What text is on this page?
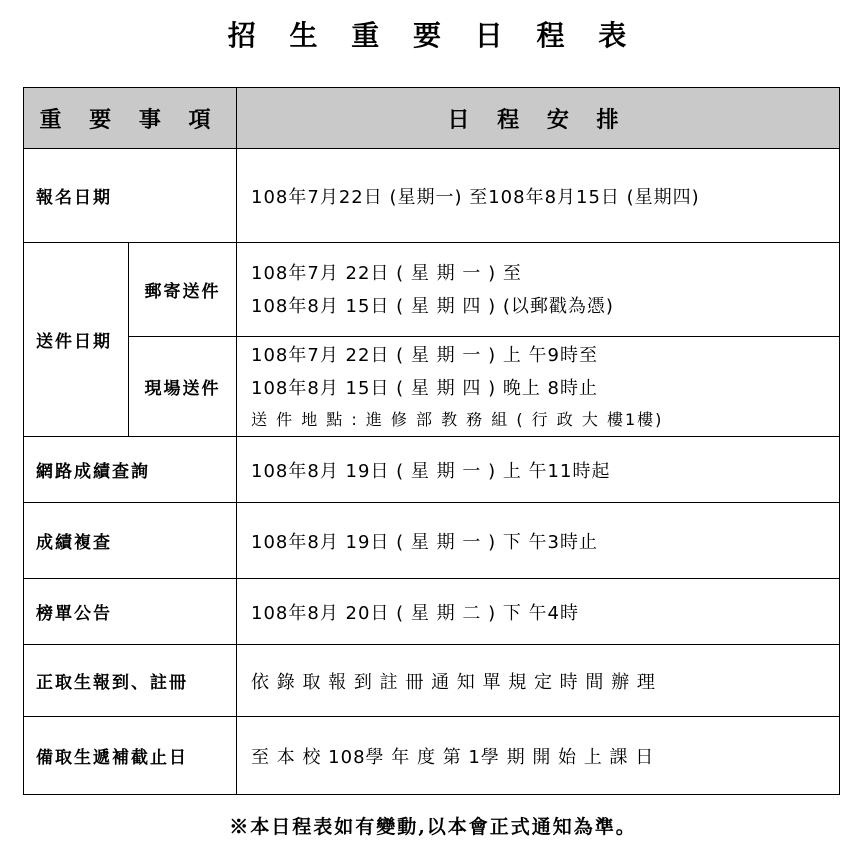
招 生 重 要 日 程 表
重 要 事 項		日 程 安 排
報名日期		108年7月22日 (星期一) 至108年8月15日 (星期四)
送件日期	郵寄送件	108年7月 22日 ( 星 期 一 ) 至
108年8月 15日 ( 星 期 四 ) (以郵戳為憑)

	現場送件	108年7月 22日 ( 星 期 一 ) 上 午9時至
108年8月 15日 ( 星 期 四 ) 晚上 8時止
送 件 地 點 : 進 修 部 教 務 組 ( 行 政 大 樓1樓)

網路成績查詢		108年8月 19日 ( 星 期 一 ) 上 午11時起
成績複查		108年8月 19日 ( 星 期 一 ) 下 午3時止
榜單公告		108年8月 20日 ( 星 期 二 ) 下 午4時
正取生報到、註冊		依 錄 取 報 到 註 冊 通 知 單 規 定 時 間 辦 理
備取生遞補截止日		至 本 校 108學 年 度 第 1學 期 開 始 上 課 日
※本日程表如有變動,以本會正式通知為準。
